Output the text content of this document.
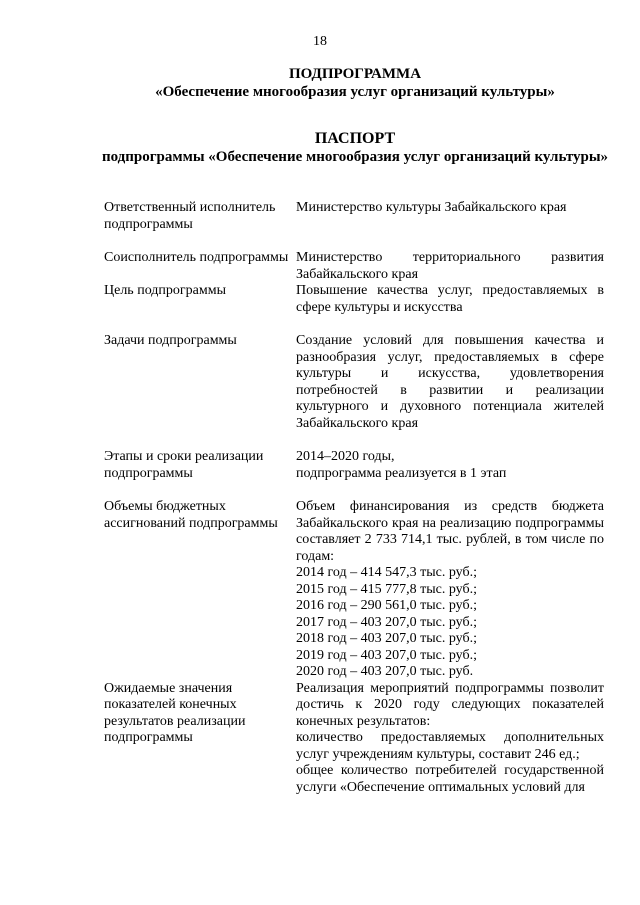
18
ПОДПРОГРАММА
«Обеспечение многообразия услуг организаций культуры»
ПАСПОРТ
подпрограммы «Обеспечение многообразия услуг организаций культуры»
Ответственный исполнитель подпрограммы
Министерство культуры Забайкальского края
Соисполнитель подпрограммы Министерство территориального развития Забайкальского края
Цель подпрограммы	Повышение качества услуг, предоставляемых в сфере культуры и искусства
Задачи подпрограммы	Создание условий для повышения качества и разнообразия услуг, предоставляемых в сфере культуры и искусства, удовлетворения потребностей в развитии и реализации культурного и духовного потенциала жителей Забайкальского края
Этапы и сроки реализации подпрограммы
2014–2020 годы,
подпрограмма реализуется в 1 этап
Объемы бюджетных ассигнований подпрограммы
Объем финансирования из средств бюджета Забайкальского края на реализацию подпрограммы составляет 2 733 714,1 тыс. рублей, в том числе по годам:
2014 год – 414 547,3 тыс. руб.;
2015 год – 415 777,8 тыс. руб.;
2016 год – 290 561,0 тыс. руб.;
2017 год – 403 207,0 тыс. руб.;
2018 год – 403 207,0 тыс. руб.;
2019 год – 403 207,0 тыс. руб.;
2020 год – 403 207,0 тыс. руб.
Ожидаемые значения показателей конечных результатов реализации подпрограммы
Реализация мероприятий подпрограммы позволит достичь к 2020 году следующих показателей конечных результатов:
количество предоставляемых дополнительных услуг учреждениям культуры, составит 246 ед.;
общее количество потребителей государственной услуги «Обеспечение оптимальных условий для
